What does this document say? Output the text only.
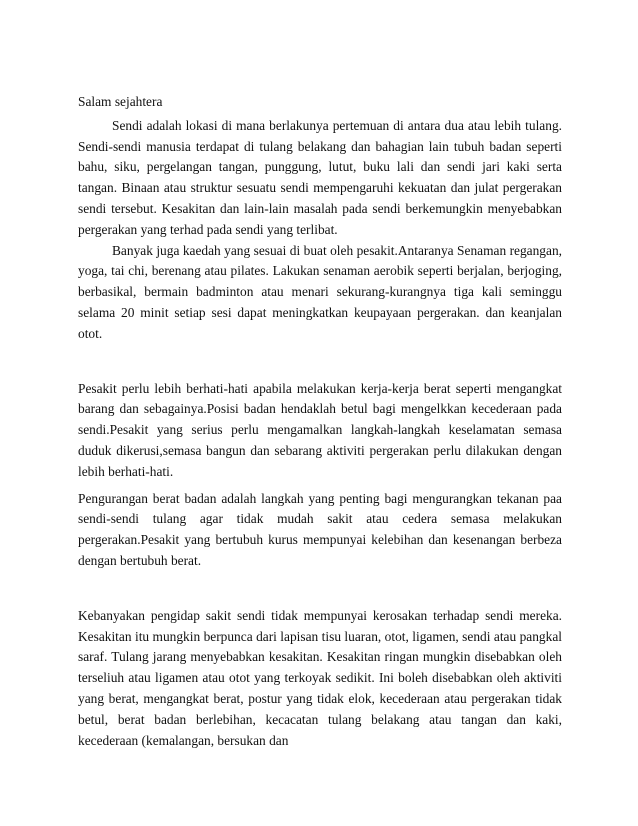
Salam sejahtera

Sendi adalah lokasi di mana berlakunya pertemuan di antara dua atau lebih tulang. Sendi-sendi manusia terdapat di tulang belakang dan bahagian lain tubuh badan seperti bahu, siku, pergelangan tangan, punggung, lutut, buku lali dan sendi jari kaki serta tangan. Binaan atau struktur sesuatu sendi mempengaruhi kekuatan dan julat pergerakan sendi tersebut. Kesakitan dan lain-lain masalah pada sendi berkemungkin menyebabkan pergerakan yang terhad pada sendi yang terlibat.

Banyak juga kaedah yang sesuai di buat oleh pesakit.Antaranya Senaman regangan, yoga, tai chi, berenang atau pilates. Lakukan senaman aerobik seperti berjalan, berjoging, berbasikal, bermain badminton atau menari sekurang-kurangnya tiga kali seminggu selama 20 minit setiap sesi dapat meningkatkan keupayaan pergerakan. dan keanjalan otot.

Pesakit perlu lebih berhati-hati apabila melakukan kerja-kerja berat seperti mengangkat barang dan sebagainya.Posisi badan hendaklah betul bagi mengelkkan kecederaan pada sendi.Pesakit yang serius perlu mengamalkan langkah-langkah keselamatan semasa duduk dikerusi,semasa bangun dan sebarang aktiviti pergerakan perlu dilakukan dengan lebih berhati-hati.

Pengurangan berat badan adalah langkah yang penting bagi mengurangkan tekanan paa sendi-sendi tulang agar tidak mudah sakit atau cedera semasa melakukan pergerakan.Pesakit yang bertubuh kurus mempunyai kelebihan dan kesenangan berbeza dengan bertubuh berat.

Kebanyakan pengidap sakit sendi tidak mempunyai kerosakan terhadap sendi mereka. Kesakitan itu mungkin berpunca dari lapisan tisu luaran, otot, ligamen, sendi atau pangkal saraf. Tulang jarang menyebabkan kesakitan. Kesakitan ringan mungkin disebabkan oleh terseliuh atau ligamen atau otot yang terkoyak sedikit. Ini boleh disebabkan oleh aktiviti yang berat, mengangkat berat, postur yang tidak elok, kecederaan atau pergerakan tidak betul, berat badan berlebihan, kecacatan tulang belakang atau tangan dan kaki, kecederaan (kemalangan, bersukan dan
